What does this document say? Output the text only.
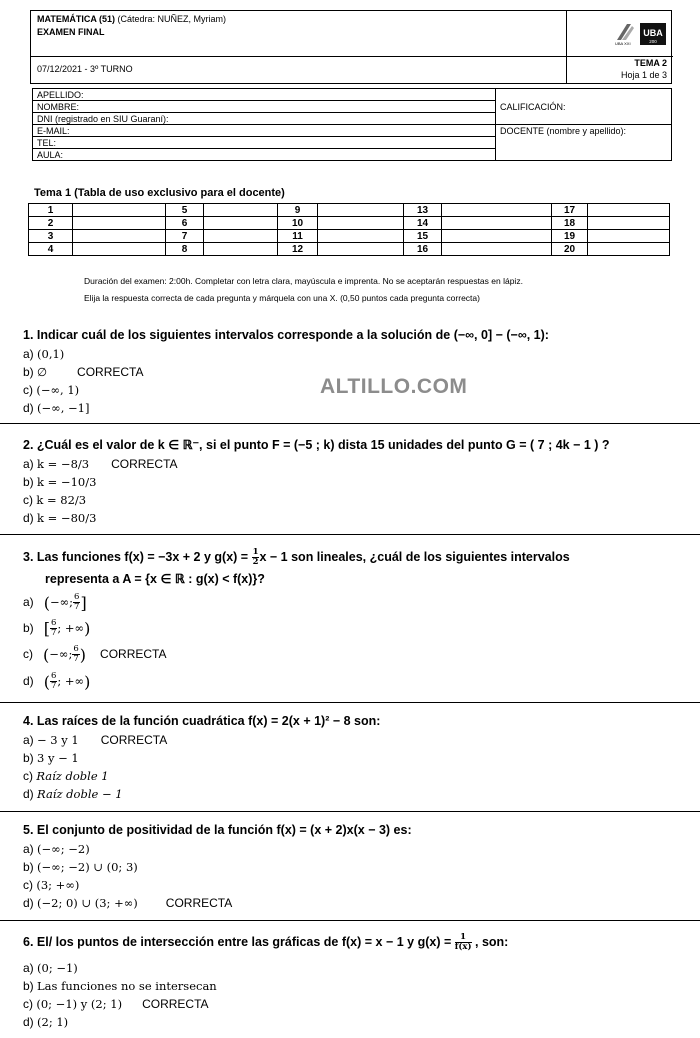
MATEMÁTICA (51) (Cátedra: NUÑEZ, Myriam)
EXAMEN FINAL
07/12/2021 - 3º TURNO
UBA
200
UBA XXI
TEMA 2
Hoja 1 de 3
APELLIDO:	CALIFICACIÓN:
NOMBRE:	
DNI (registrado en SIU Guaraní):	
E-MAIL:	DOCENTE (nombre y apellido):
TEL:	
AULA:	
Tema 1 (Tabla de uso exclusivo para el docente)
1		5		9		13		17	
2		6		10		14		18	
3		7		11		15		19	
4		8		12		16		20	
Duración del examen: 2:00h. Completar con letra clara, mayúscula e imprenta. No se aceptarán respuestas en lápiz.
Elija la respuesta correcta de cada pregunta y márquela con una X. (0,50 puntos cada pregunta correcta)
1. Indicar cuál de los siguientes intervalos corresponde a la solución de (−∞, 0] − (−∞, 1):
a) (0,1)
b) ∅	CORRECTA
c) (−∞, 1)
d) (−∞, −1]
ALTILLO.COM
2. ¿Cuál es el valor de k ∈ ℝ⁻, si el punto F = (−5 ; k) dista 15 unidades del punto G = ( 7 ; 4k − 1 ) ?
a) k = −8/3 CORRECTA
b) k = −10/3
c) k = 82/3
d) k = −80/3
3. Las funciones f(x) = −3x + 2 y $g(x) = \frac{1}{2}$ x − 1 son lineales, ¿cuál de los siguientes intervalos
representa a A = {x ∈ ℝ : g(x) < f(x)}?
a) (−∞; $\frac{6}{7}$ ]
b) [ $\frac{6}{7}$ ; +∞)
c) (−∞; $\frac{6}{7}$ ) CORRECTA
d) ( $\frac{6}{7}$ ; +∞)
4. Las raíces de la función cuadrática f(x) = 2(x + 1)² − 8 son:
a) − 3 y 1 CORRECTA
b) 3 y − 1
c) Raíz doble 1
d) Raíz doble − 1
5. El conjunto de positividad de la función f(x) = (x + 2)x(x − 3) es:
a) (−∞; −2)
b) (−∞; −2) ∪ (0; 3)
c) (3; +∞)
d) (−2; 0) ∪ (3; +∞) CORRECTA
6. El/ los puntos de intersección entre las gráficas de f(x) = x − 1 y $g(x) = \frac{1}{f(x)}$ , son:
a) (0; −1)
b) Las funciones no se intersecan
c) (0; −1) y (2; 1) CORRECTA
d) (2; 1)
